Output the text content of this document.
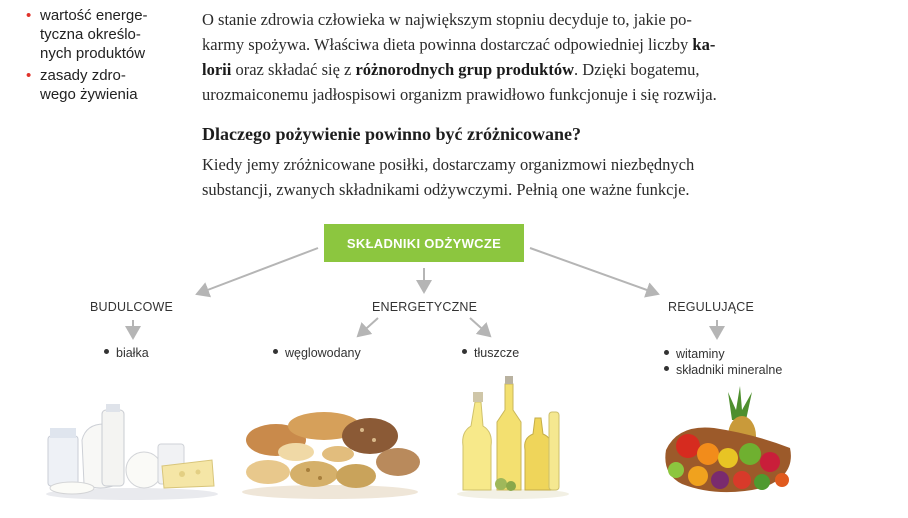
• wartość energe-
tyczna określo-
nych produktów
• zasady zdro-
wego żywienia
O stanie zdrowia człowieka w największym stopniu decyduje to, jakie po-
karmy spożywa. Właściwa dieta powinna dostarczać odpowiedniej liczby ka-
lorii oraz składać się z różnorodnych grup produktów. Dzięki bogatemu,
urozmaiconemu jadłospisowi organizm prawidłowo funkcjonuje i się rozwija.
Dlaczego pożywienie powinno być zróżnicowane?
Kiedy jemy zróżnicowane posiłki, dostarczamy organizmowi niezbędnych
substancji, zwanych składnikami odżywczymi. Pełnią one ważne funkcje.
SKŁADNIKI ODŻYWCZE
BUDULCOWE	ENERGETYCZNE	REGULUJĄCE
białka	węglowodany	tłuszcze	witaminy
składniki mineralne
